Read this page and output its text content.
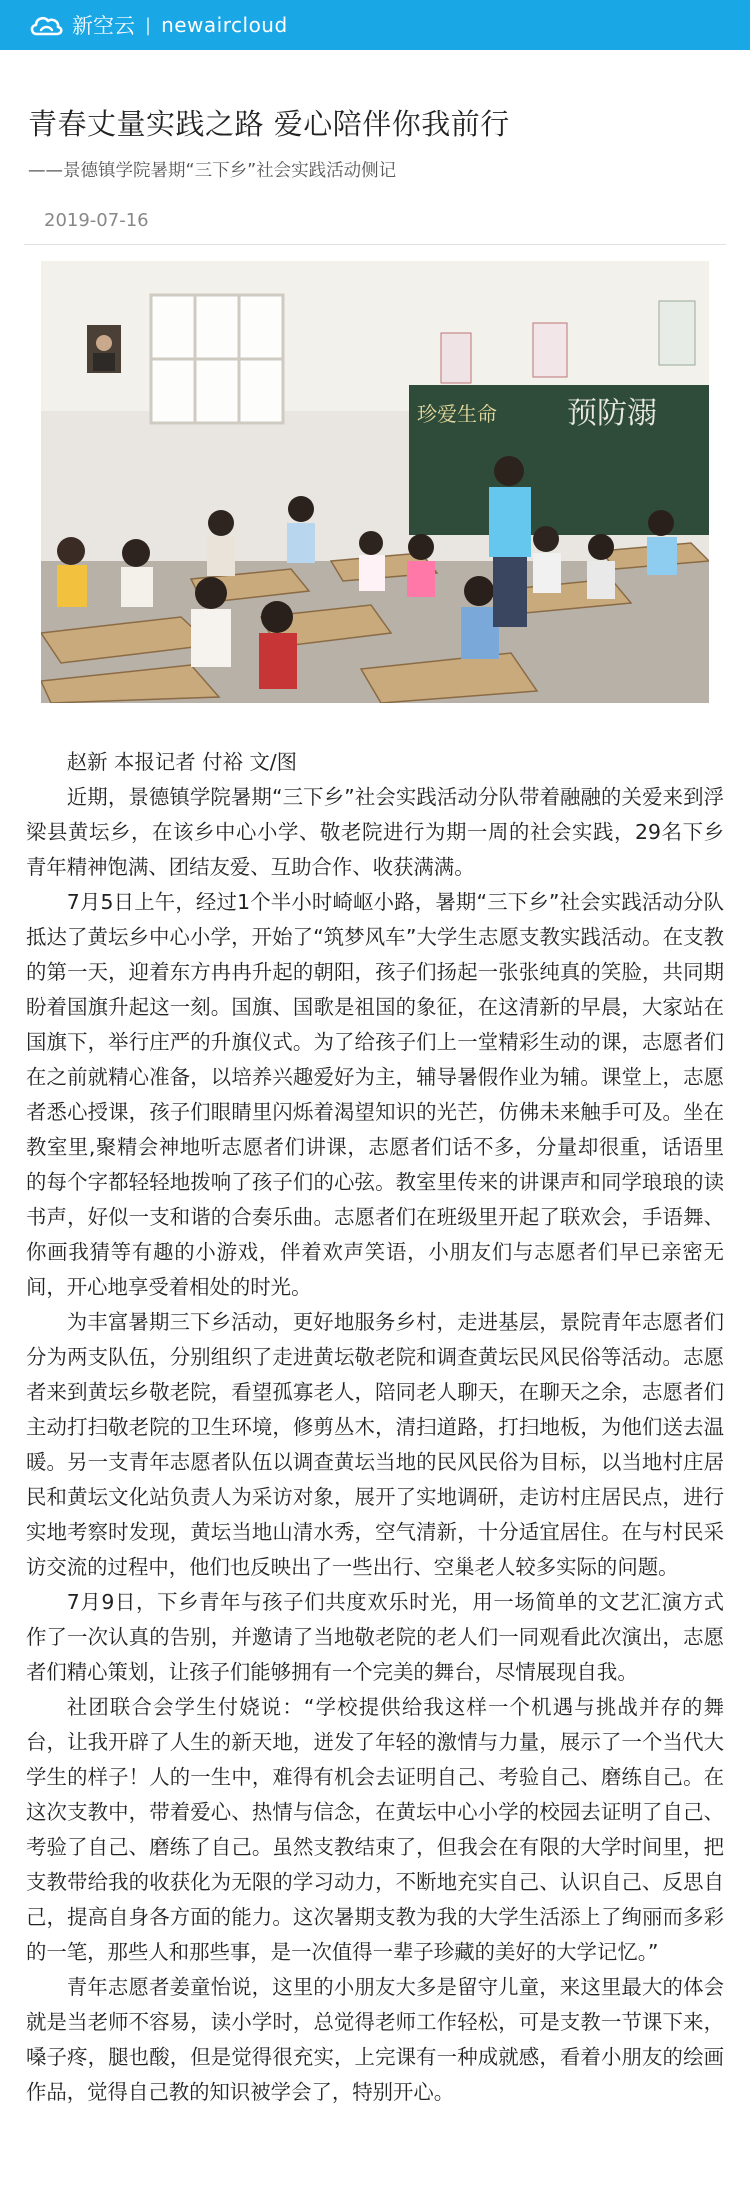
新空云 | newaircloud
青春丈量实践之路 爱心陪伴你我前行
——景德镇学院暑期“三下乡”社会实践活动侧记
2019-07-16
珍爱生命 预防溺

赵新 本报记者 付裕 文/图

近期，景德镇学院暑期“三下乡”社会实践活动分队带着融融的关爱来到浮梁县黄坛乡，在该乡中心小学、敬老院进行为期一周的社会实践，29名下乡青年精神饱满、团结友爱、互助合作、收获满满。

7月5日上午，经过1个半小时崎岖小路，暑期“三下乡”社会实践活动分队抵达了黄坛乡中心小学，开始了“筑梦风车”大学生志愿支教实践活动。在支教的第一天，迎着东方冉冉升起的朝阳，孩子们扬起一张张纯真的笑脸，共同期盼着国旗升起这一刻。国旗、国歌是祖国的象征，在这清新的早晨，大家站在国旗下，举行庄严的升旗仪式。为了给孩子们上一堂精彩生动的课，志愿者们在之前就精心准备，以培养兴趣爱好为主，辅导暑假作业为辅。课堂上，志愿者悉心授课，孩子们眼睛里闪烁着渴望知识的光芒，仿佛未来触手可及。坐在教室里,聚精会神地听志愿者们讲课，志愿者们话不多，分量却很重，话语里的每个字都轻轻地拨响了孩子们的心弦。教室里传来的讲课声和同学琅琅的读书声，好似一支和谐的合奏乐曲。志愿者们在班级里开起了联欢会，手语舞、你画我猜等有趣的小游戏，伴着欢声笑语，小朋友们与志愿者们早已亲密无间，开心地享受着相处的时光。

为丰富暑期三下乡活动，更好地服务乡村，走进基层，景院青年志愿者们分为两支队伍，分别组织了走进黄坛敬老院和调查黄坛民风民俗等活动。志愿者来到黄坛乡敬老院，看望孤寡老人，陪同老人聊天，在聊天之余，志愿者们主动打扫敬老院的卫生环境，修剪丛木，清扫道路，打扫地板，为他们送去温暖。另一支青年志愿者队伍以调查黄坛当地的民风民俗为目标，以当地村庄居民和黄坛文化站负责人为采访对象，展开了实地调研，走访村庄居民点，进行实地考察时发现，黄坛当地山清水秀，空气清新，十分适宜居住。在与村民采访交流的过程中，他们也反映出了一些出行、空巢老人较多实际的问题。

7月9日，下乡青年与孩子们共度欢乐时光，用一场简单的文艺汇演方式作了一次认真的告别，并邀请了当地敬老院的老人们一同观看此次演出，志愿者们精心策划，让孩子们能够拥有一个完美的舞台，尽情展现自我。

社团联合会学生付娆说：“学校提供给我这样一个机遇与挑战并存的舞台，让我开辟了人生的新天地，迸发了年轻的激情与力量，展示了一个当代大学生的样子！人的一生中，难得有机会去证明自己、考验自己、磨练自己。在这次支教中，带着爱心、热情与信念，在黄坛中心小学的校园去证明了自己、考验了自己、磨练了自己。虽然支教结束了，但我会在有限的大学时间里，把支教带给我的收获化为无限的学习动力，不断地充实自己、认识自己、反思自己，提高自身各方面的能力。这次暑期支教为我的大学生活添上了绚丽而多彩的一笔，那些人和那些事，是一次值得一辈子珍藏的美好的大学记忆。”

青年志愿者姜童怡说，这里的小朋友大多是留守儿童，来这里最大的体会就是当老师不容易，读小学时，总觉得老师工作轻松，可是支教一节课下来，嗓子疼，腿也酸，但是觉得很充实，上完课有一种成就感，看着小朋友的绘画作品，觉得自己教的知识被学会了，特别开心。
